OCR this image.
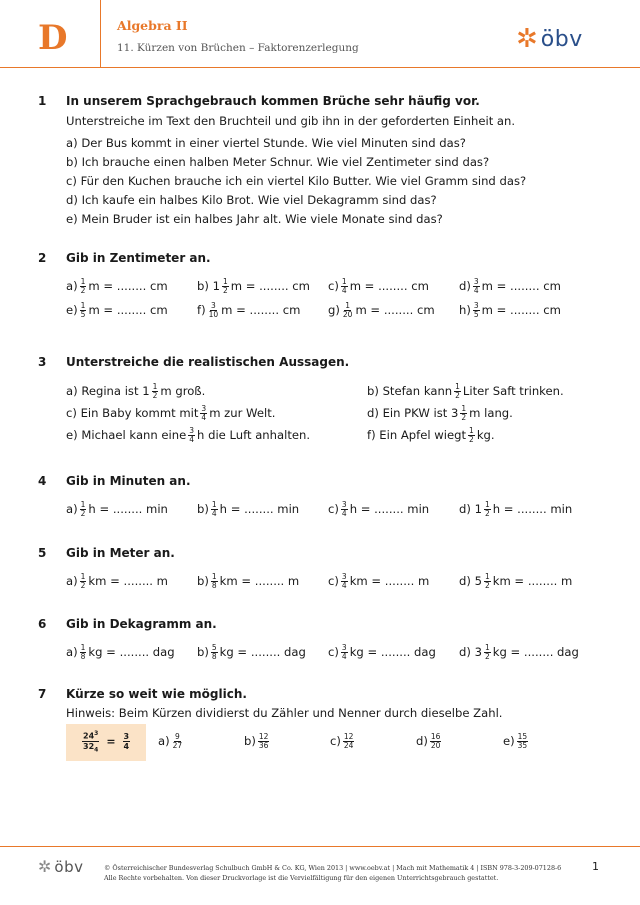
D	Algebra II
11. Kürzen von Brüchen – Faktorenzerlegung	✲ öbv
1 In unserem Sprachgebrauch kommen Brüche sehr häufig vor.
Unterstreiche im Text den Bruchteil und gib ihn in der geforderten Einheit an.
a) Der Bus kommt in einer viertel Stunde. Wie viel Minuten sind das?
b) Ich brauche einen halben Meter Schnur. Wie viel Zentimeter sind das?
c) Für den Kuchen brauche ich ein viertel Kilo Butter. Wie viel Gramm sind das?
d) Ich kaufe ein halbes Kilo Brot. Wie viel Dekagramm sind das?
e) Mein Bruder ist ein halbes Jahr alt. Wie viele Monate sind das?
2 Gib in Zentimeter an.
$a) \frac{1}{2}$ m = ........ cm	b) $1 \frac{1}{2}$ m = ........ cm $c) \frac{1}{4}$ m = ........ cm	$d) \frac{3}{4}$ m = ........ cm
$e) \frac{1}{5}$ m = ........ cm	$f) \frac{3}{10}$ m = ........ cm $g) \frac{1}{20}$ m = ........ cm $h) \frac{3}{5}$ m = ........ cm
3 Unterstreiche die realistischen Aussagen.
a) Regina ist $1 \frac{1}{2}$ m groß.	b) Stefan kann $\frac{1}{2}$ Liter Saft trinken.
c) Ein Baby kommt mit $\frac{3}{4}$ m zur Welt.	d) Ein PKW ist $3 \frac{1}{2}$ m lang.
e) Michael kann eine $\frac{3}{4}$ h die Luft anhalten.	f) Ein Apfel wiegt $\frac{1}{2}$ kg.
4 Gib in Minuten an.
$a) \frac{1}{2}$ h = ........ min	$b) \frac{1}{4}$ h = ........ $\min c) \frac{3}{4}$ h = ........ min	d) $1 \frac{1}{2}$ h = ........ min
5 Gib in Meter an.
$a) \frac{1}{2}$ km = ........ m	$b) \frac{1}{8}$ km = ........ m $c) \frac{3}{4}$ km = ........ m	d) $5 \frac{1}{2}$ km = ........ m
6 Gib in Dekagramm an.
$a) \frac{1}{8}$ kg = ........ dag $b) \frac{5}{8}$ kg = ........ dag $c) \frac{3}{4}$ kg = ........ dag d) $3 \frac{1}{2}$ kg = ........ dag
7 Kürze so weit wie möglich.
Hinweis: Beim Kürzen dividierst du Zähler und Nenner durch dieselbe Zahl.
$a) \frac{9}{27}$	$b) \frac{12}{36}$	$c) \frac{12}{24}$	$d) \frac{16}{20}$	$e) \frac{15}{35}$
$\frac{24^3}{32_4} = \frac{3}{4}$
✲ öbv	© Österreichischer Bundesverlag Schulbuch GmbH & Co. KG, Wien 2013 | www.oebv.at | Mach mit Mathematik 4 | ISBN 978-3-209-07128-6
Alle Rechte vorbehalten. Von dieser Druckvorlage ist die Vervielfältigung für den eigenen Unterrichtsgebrauch gestattet.
1
